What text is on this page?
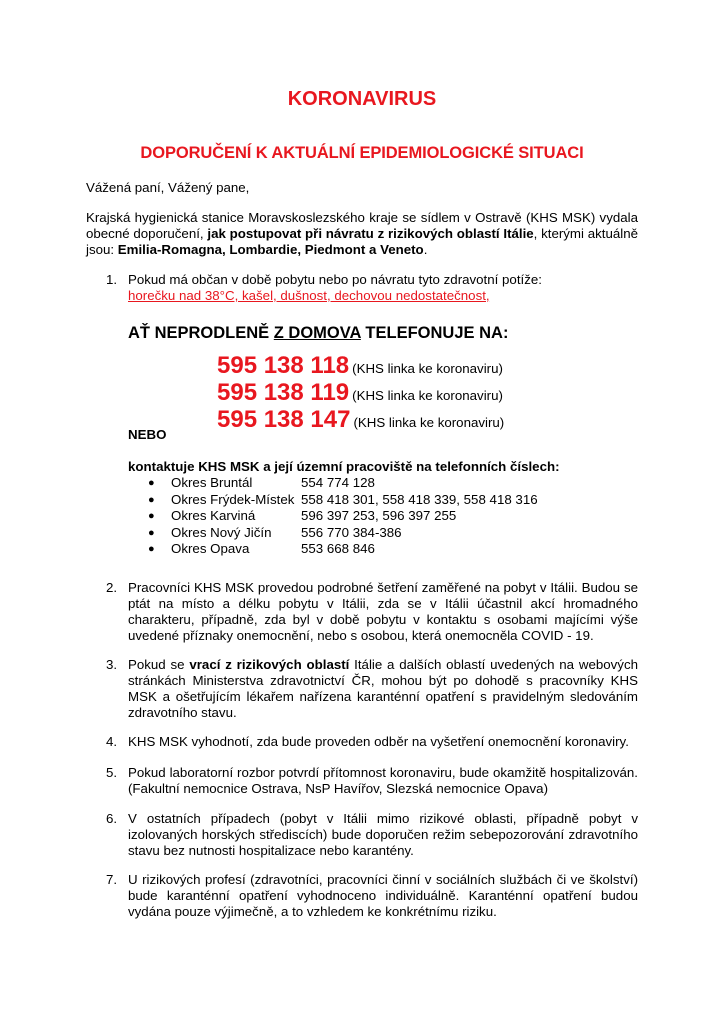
KORONAVIRUS
DOPORUČENÍ K AKTUÁLNÍ EPIDEMIOLOGICKÉ SITUACI

Vážená paní, Vážený pane,

Krajská hygienická stanice Moravskoslezského kraje se sídlem v Ostravě (KHS MSK) vydala obecné doporučení, jak postupovat při návratu z rizikových oblastí Itálie, kterými aktuálně jsou: Emilia-Romagna, Lombardie, Piedmont a Veneto.

1. Pokud má občan v době pobytu nebo po návratu tyto zdravotní potíže:
horečku nad 38°C, kašel, dušnost, dechovou nedostatečnost,

AŤ NEPRODLENĚ Z DOMOVA TELEFONUJE NA:

595 138 118 (KHS linka ke koronaviru)
595 138 119 (KHS linka ke koronaviru)
595 138 147 (KHS linka ke koronaviru)
NEBO
kontaktuje KHS MSK a její územní pracoviště na telefonních číslech:
● Okres Bruntál	554 774 128
● Okres Frýdek-Místek 558 418 301, 558 418 339, 558 418 316
● Okres Karviná	596 397 253, 596 397 255
● Okres Nový Jičín 556 770 384-386
● Okres Opava	553 668 846
2. Pracovníci KHS MSK provedou podrobné šetření zaměřené na pobyt v Itálii. Budou se ptát na místo a délku pobytu v Itálii, zda se v Itálii účastnil akcí hromadného charakteru, případně, zda byl v době pobytu v kontaktu s osobami majícími výše uvedené příznaky onemocnění, nebo s osobou, která onemocněla COVID - 19.
3. Pokud se vrací z rizikových oblastí Itálie a dalších oblastí uvedených na webových stránkách Ministerstva zdravotnictví ČR, mohou být po dohodě s pracovníky KHS MSK a ošetřujícím lékařem nařízena karanténní opatření s pravidelným sledováním zdravotního stavu.
4. KHS MSK vyhodnotí, zda bude proveden odběr na vyšetření onemocnění koronaviry.
5. Pokud laboratorní rozbor potvrdí přítomnost koronaviru, bude okamžitě hospitalizován. (Fakultní nemocnice Ostrava, NsP Havířov, Slezská nemocnice Opava)
6. V ostatních případech (pobyt v Itálii mimo rizikové oblasti, případně pobyt v izolovaných horských střediscích) bude doporučen režim sebepozorování zdravotního stavu bez nutnosti hospitalizace nebo karantény.
7. U rizikových profesí (zdravotníci, pracovníci činní v sociálních službách či ve školství) bude karanténní opatření vyhodnoceno individuálně. Karanténní opatření budou vydána pouze výjimečně, a to vzhledem ke konkrétnímu riziku.
